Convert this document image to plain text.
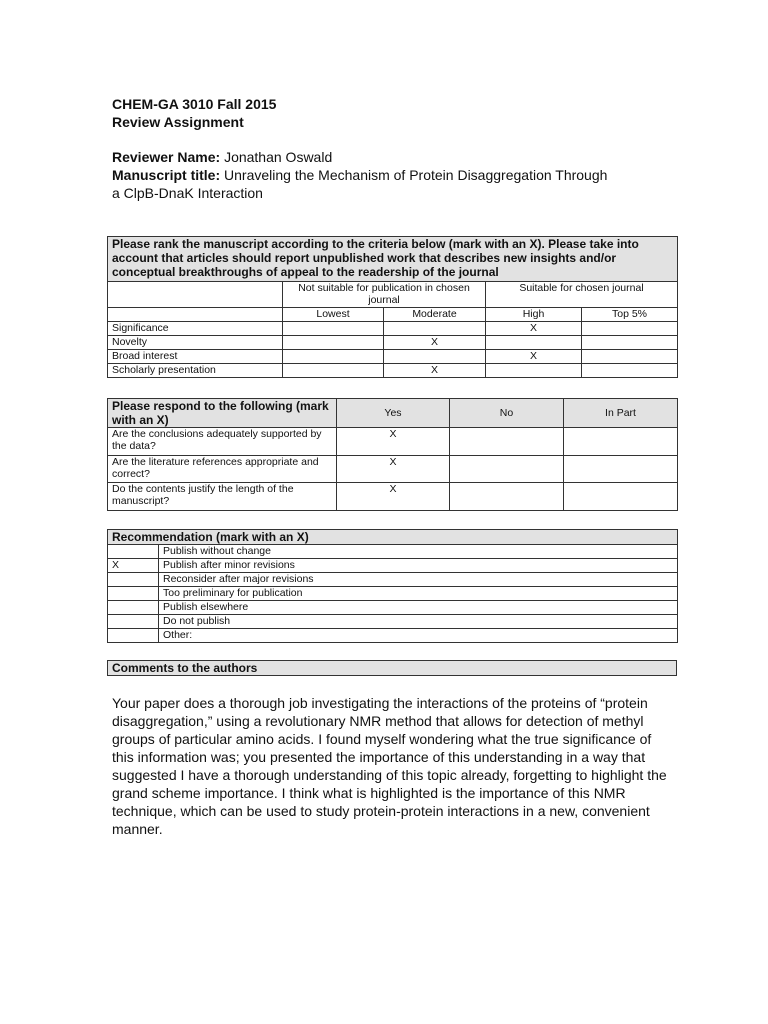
CHEM-GA 3010 Fall 2015
Review Assignment
Reviewer Name: Jonathan Oswald
Manuscript title: Unraveling the Mechanism of Protein Disaggregation Through
a ClpB-DnaK Interaction
Please rank the manuscript according to the criteria below (mark with an X). Please take into account that articles should report unpublished work that describes new insights and/or conceptual breakthroughs of appeal to the readership of the journal				
	Not suitable for publication in chosen journal		Suitable for chosen journal	
	Lowest	Moderate	High	Top 5%
Significance			X	
Novelty		X		
Broad interest			X	
Scholarly presentation		X		
Please respond to the following (mark with an X)	Yes	No	In Part
Are the conclusions adequately supported by the data?	X		
Are the literature references appropriate and correct?	X		
Do the contents justify the length of the manuscript?	X		
Recommendation (mark with an X)	
	Publish without change
X	Publish after minor revisions
	Reconsider after major revisions
	Too preliminary for publication
	Publish elsewhere
	Do not publish
	Other:
Comments to the authors
Your paper does a thorough job investigating the interactions of the proteins of “protein disaggregation,” using a revolutionary NMR method that allows for detection of methyl groups of particular amino acids. I found myself wondering what the true significance of this information was; you presented the importance of this understanding in a way that suggested I have a thorough understanding of this topic already, forgetting to highlight the grand scheme importance. I think what is highlighted is the importance of this NMR technique, which can be used to study protein-protein interactions in a new, convenient manner.
